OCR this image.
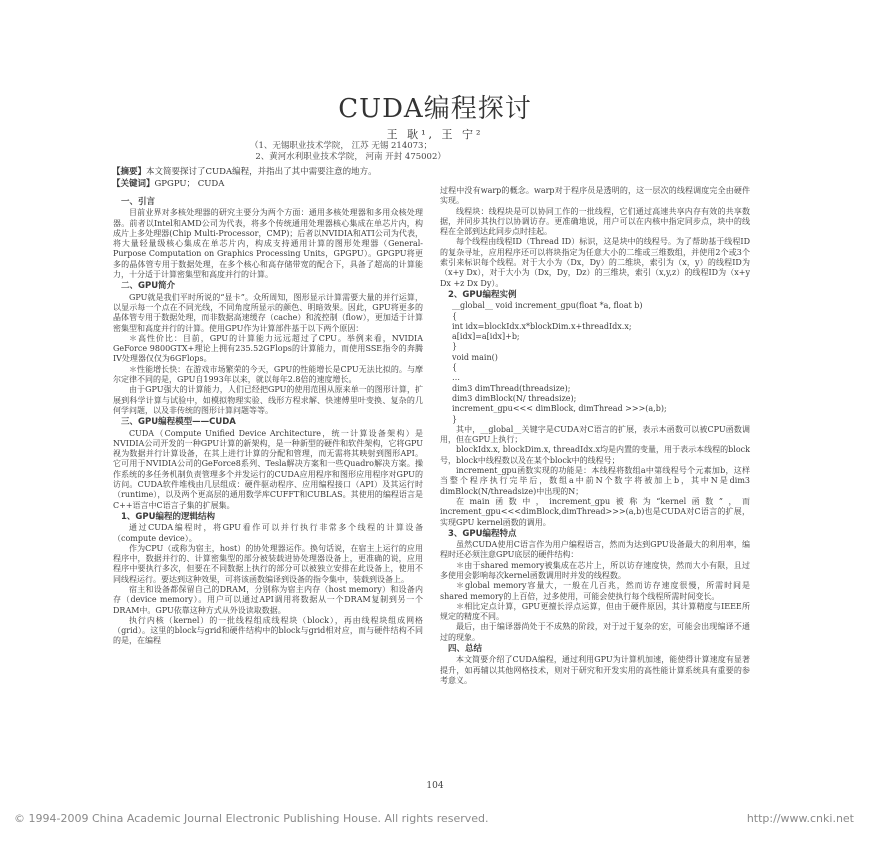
CUDA编程探讨
王 耿¹, 王 宁²
（1、无锡职业技术学院， 江苏 无锡 214073；
2、黄河水利职业技术学院， 河南 开封 475002）
【摘要】本文简要探讨了CUDA编程，并指出了其中需要注意的地方。
【关键词】GPGPU； CUDA

一、引言

目前业界对多核处理器的研究主要分为两个方面：通用多核处理器和多用众核处理器。前者以Intel和AMD公司为代表，将多个传统通用处理器核心集成在单芯片内，构成片上多处理器(Chip Multi-Processor，CMP)；后者以NVIDIA和ATI公司为代表，将大量轻量级核心集成在单芯片内，构成支持通用计算的图形处理器（General-Purpose Computation on Graphics Processing Units，GPGPU）。GPGPU将更多的晶体管专用于数据处理，在多个核心和高存储带宽的配合下，具备了超高的计算能力，十分适于计算密集型和高度并行的计算。

二、GPU简介

GPU就是我们平时所说的“显卡”。众所周知，图形显示计算需要大量的并行运算，以显示每一个点在不同光线，不同角度所显示的颜色、明暗效果。因此，GPU将更多的晶体管专用于数据处理，而非数据高速缓存（cache）和流控制（flow），更加适于计算密集型和高度并行的计算。使用GPU作为计算部件基于以下两个原因：

＊高性价比：目前，GPU的计算能力远远超过了CPU。举例来看，NVIDIA GeForce 9800GTX+理论上拥有235.52GFlops的计算能力，而使用SSE指令的奔腾IV处理器仅仅为6GFlops。

＊性能增长快：在游戏市场繁荣的今天，GPU的性能增长是CPU无法比拟的。与摩尔定律不同的是，GPU自1993年以来，就以每年2.8倍的速度增长。

由于GPU强大的计算能力，人们已经把GPU的使用范围从原来单一的图形计算，扩展到科学计算与试验中，如模拟物理实验、线形方程求解、快速傅里叶变换、复杂的几何学问题，以及非传统的图形计算问题等等。

三、GPU编程模型——CUDA

CUDA（Compute Unified Device Architecture，统一计算设备架构）是NVIDIA公司开发的一种GPU计算的新架构，是一种新型的硬件和软件架构，它将GPU视为数据并行计算设备，在其上进行计算的分配和管理，而无需将其映射到图形API。它可用于NVIDIA公司的GeForce8系列、Tesla解决方案和一些Quadro解决方案。操作系统的多任务机制负责管理多个并发运行的CUDA应用程序和图形应用程序对GPU的访问。CUDA软件堆栈由几层组成：硬件驱动程序、应用编程接口（API）及其运行时（runtime），以及两个更高层的通用数学库CUFFT和CUBLAS。其使用的编程语言是C++语言中C语言子集的扩展集。

1、GPU编程的逻辑结构

通过CUDA编程时，将GPU看作可以并行执行非常多个线程的计算设备（compute device）。

作为CPU（或称为宿主，host）的协处理器运作。换句话说，在宿主上运行的应用程序中，数据并行的、计算密集型的部分被装载进协处理器设备上，更准确的说，应用程序中要执行多次，但要在不同数据上执行的部分可以被独立安排在此设备上，使用不同线程运行。要达到这种效果，可将该函数编译到设备的指令集中，装载到设备上。

宿主和设备都保留自己的DRAM，分别称为宿主内存（host memory）和设备内存（device memory）。用户可以通过API调用将数据从一个DRAM复制到另一个DRAM中。GPU依靠这种方式从外设读取数据。

执行内核（kernel）的一批线程组成线程块（block），再由线程块组成网格（grid）。这里的block与grid和硬件结构中的block与grid相对应，而与硬件结构不同的是，在编程

过程中没有warp的概念。warp对于程序员是透明的，这一层次的线程调度完全由硬件实现。

线程块：线程块是可以协同工作的一批线程，它们通过高速共享内存有效的共享数据，并同步其执行以协调访存。更准确地说，用户可以在内核中指定同步点，块中的线程在全部到达此同步点时挂起。

每个线程由线程ID（Thread ID）标识，这是块中的线程号。为了帮助基于线程ID的复杂寻址，应用程序还可以将块指定为任意大小的二维或三维数组，并使用2个或3个索引来标识每个线程。对于大小为（Dx，Dy）的二维块，索引为（x，y）的线程ID为（x+y Dx），对于大小为（Dx，Dy，Dz）的三维块，索引（x,y,z）的线程ID为（x+y Dx +z Dx Dy）。

2、GPU编程实例

__global__ void increment_gpu(float *a, float b)

{

int idx=blockIdx.x*blockDim.x+threadIdx.x;

a[idx]=a[idx]+b;

}

void main()

{

…

dim3 dimThread(threadsize);

dim3 dimBlock(N/ threadsize);

increment_gpu<<< dimBlock, dimThread >>>(a,b);

}

其中，__global__关键字是CUDA对C语言的扩展，表示本函数可以被CPU函数调用，但在GPU上执行；

blockIdx.x, blockDim.x, threadIdx.x均是内置的变量，用于表示本线程的block号，block中线程数以及在某个block中的线程号；

increment_gpu函数实现的功能是：本线程将数组a中第线程号个元素加b，这样当整个程序执行完毕后，数组a中前N个数字将被加上b，其中N是dim3 dimBlock(N/threadsize)中出现的N；

在main函数中，increment_gpu被称为“kernel函数”，而increment_gpu<<<dimBlock,dimThread>>>(a,b)也是CUDA对C语言的扩展，实现GPU kernel函数的调用。

3、GPU编程特点

虽然CUDA使用C语言作为用户编程语言，然而为达到GPU设备最大的利用率，编程时还必须注意GPU底层的硬件结构：

＊由于shared memory被集成在芯片上，所以访存速度快，然而大小有限，且过多使用会影响每次kernel函数调用时并发的线程数。

＊global memory容量大，一般在几百兆，然而访存速度很慢，所需时间是shared memory的上百倍，过多使用，可能会使执行每个线程所需时间变长。

＊相比定点计算，GPU更擅长浮点运算，但由于硬件原因，其计算精度与IEEE所规定的精度不同。

最后，由于编译器尚处于不成熟的阶段，对于过于复杂的宏，可能会出现编译不通过的现象。

四、总结

本文简要介绍了CUDA编程，通过利用GPU为计算机加速，能使得计算速度有显著提升，如再辅以其他网格技术，则对于研究和开发实用的高性能计算系统具有重要的参考意义。

104
© 1994-2009 China Academic Journal Electronic Publishing House. All rights reserved.	http://www.cnki.net
